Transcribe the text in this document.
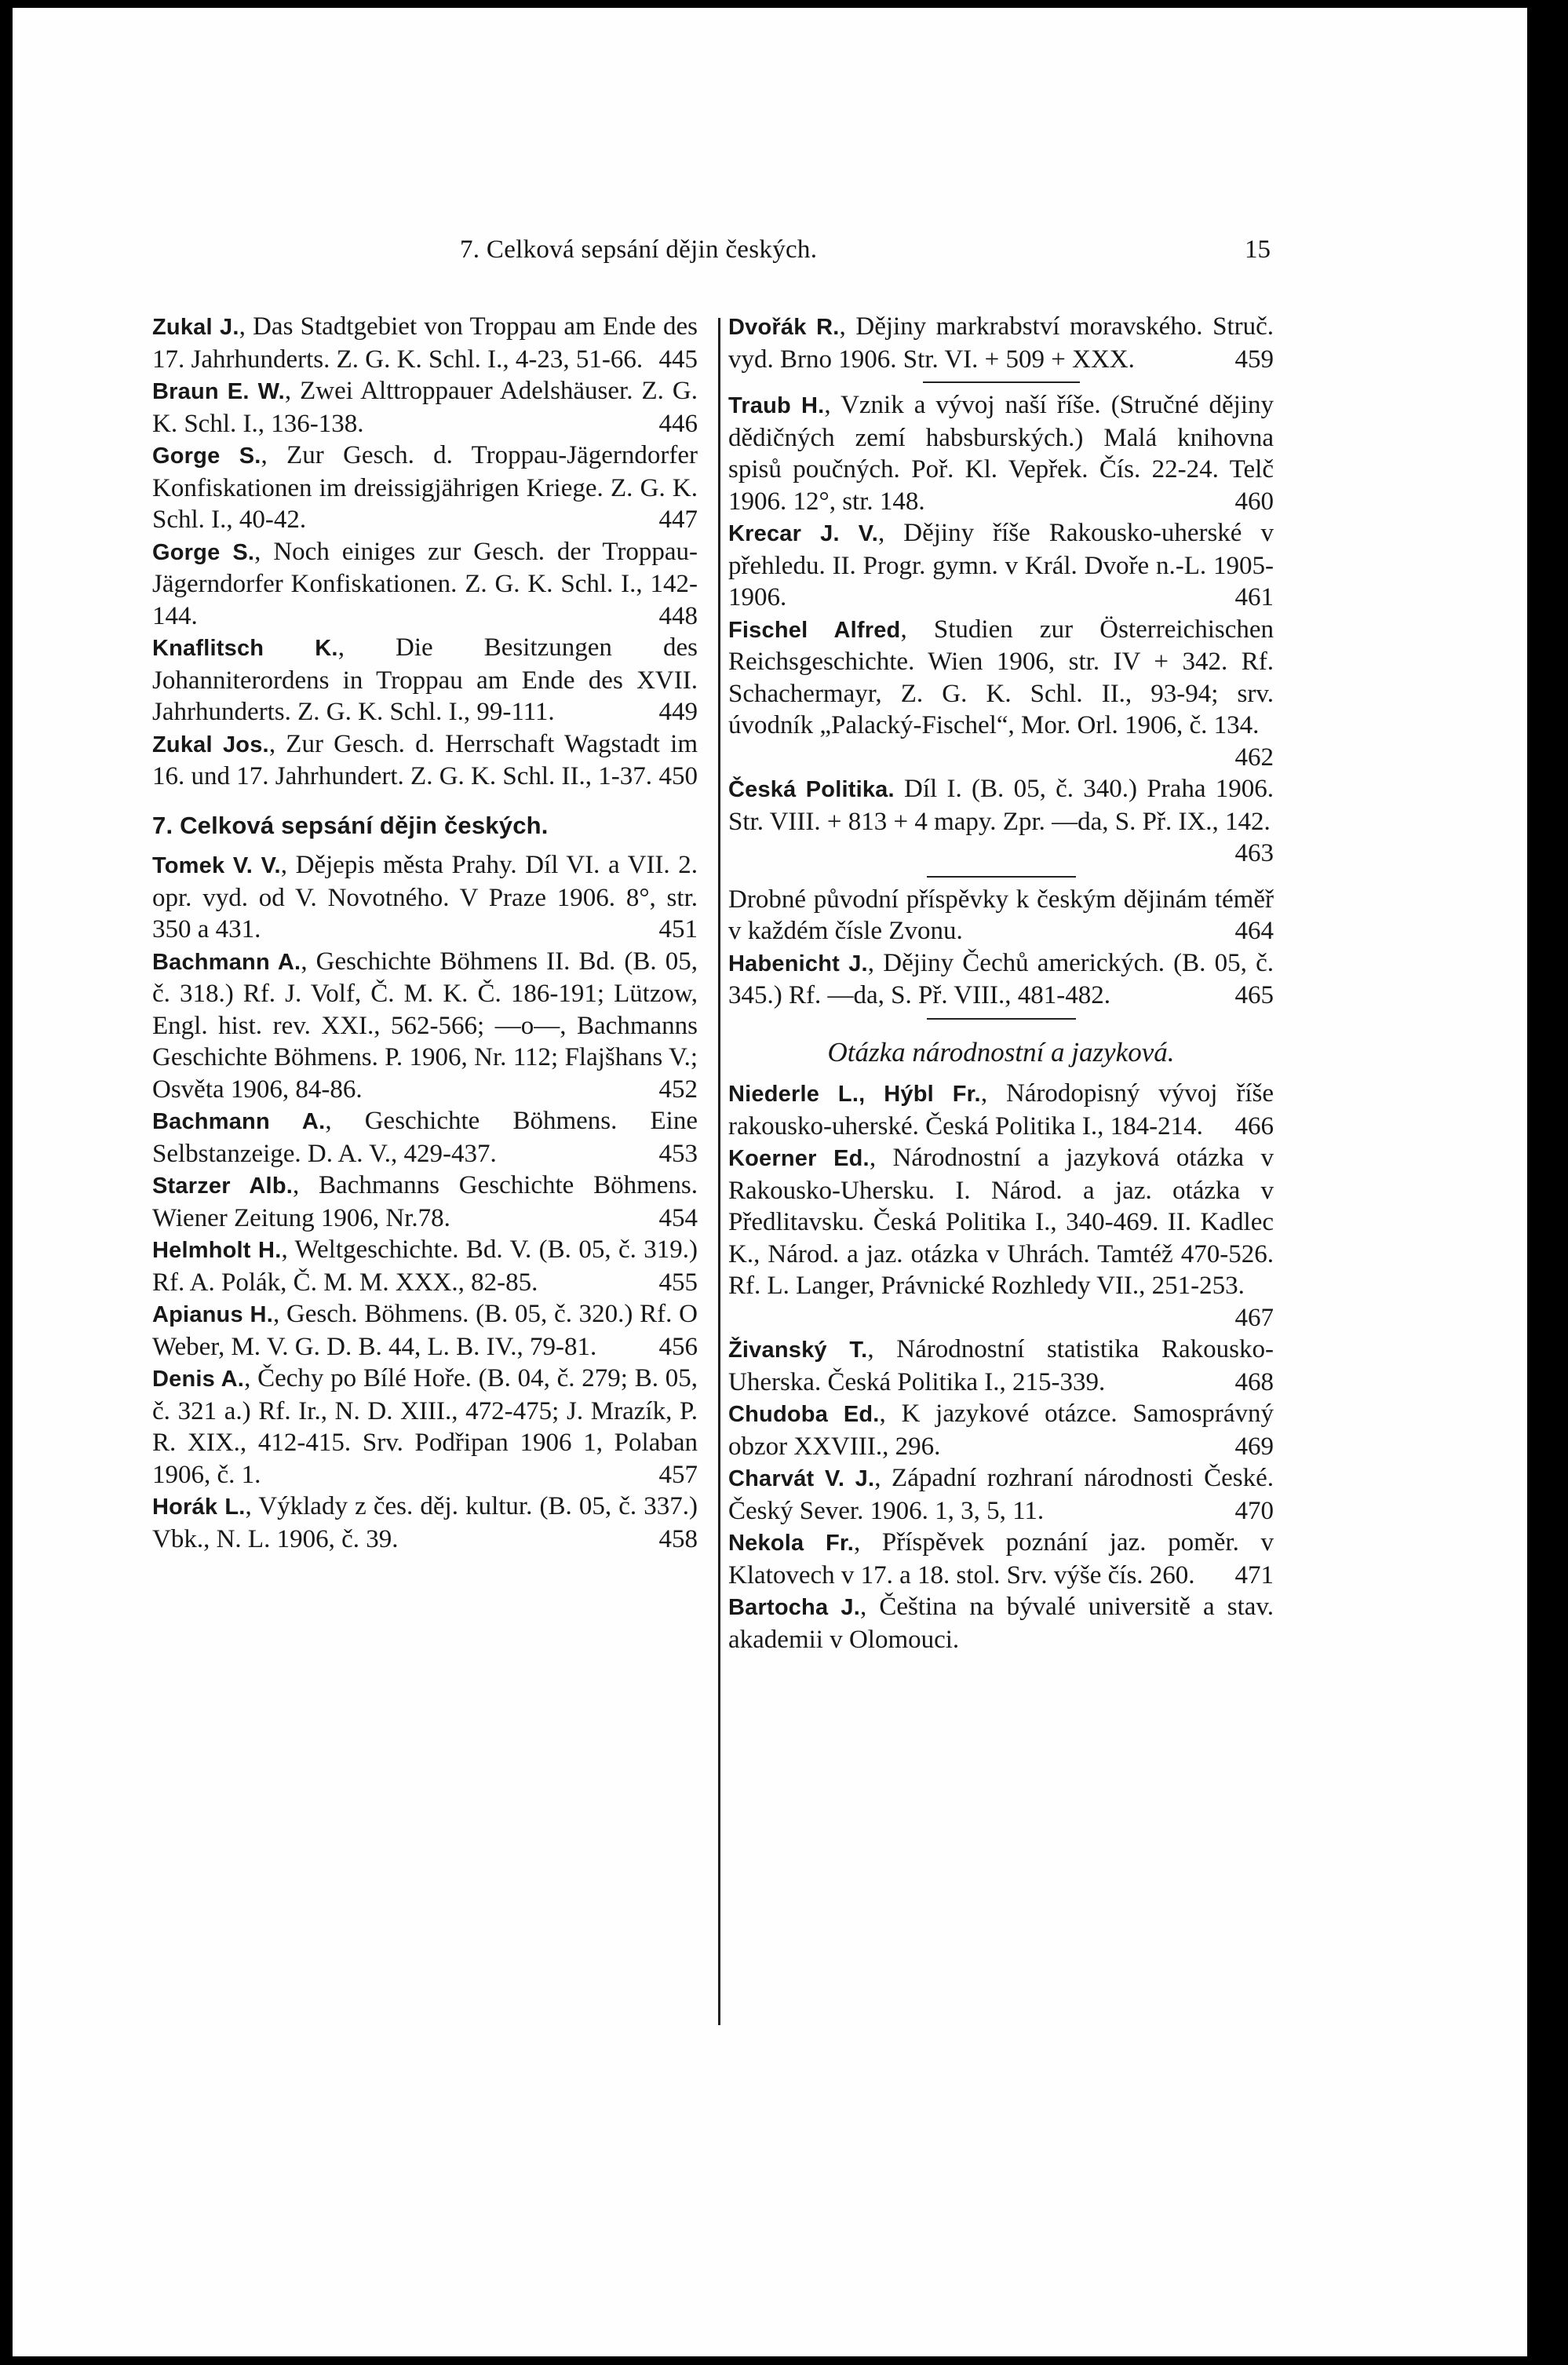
7. Celková sepsání dějin českých.	15
Zukal J., Das Stadtgebiet von Troppau am Ende des 17. Jahrhunderts. Z. G. K. Schl. I., 4-23, 51-66. 445
Braun E. W., Zwei Alttroppauer Adelshäuser. Z. G. K. Schl. I., 136-138.	446
Gorge S., Zur Gesch. d. Troppau-Jägerndorfer Konfiskationen im dreissigjährigen Kriege. Z. G. K. Schl. I., 40-42.	447
Gorge S., Noch einiges zur Gesch. der Troppau-Jägerndorfer Konfiskationen. Z. G. K. Schl. I., 142-144.	448
Knaflitsch K., Die Besitzungen des Johanniterordens in Troppau am Ende des XVII. Jahrhunderts. Z. G. K. Schl. I., 99-111.	449
Zukal Jos., Zur Gesch. d. Herrschaft Wagstadt im 16. und 17. Jahrhundert. Z. G. K. Schl. II., 1-37. 450
7. Celková sepsání dějin českých.
Tomek V. V., Dějepis města Prahy. Díl VI. a VII. 2. opr. vyd. od V. Novotného. V Praze 1906. 8°, str. 350 a 431.	451
Bachmann A., Geschichte Böhmens II. Bd. (B. 05, č. 318.) Rf. J. Volf, Č. M. K. Č. 186-191; Lützow, Engl. hist. rev. XXI., 562-566; —o—, Bachmanns Geschichte Böhmens. P. 1906, Nr. 112; Flajšhans V.; Osvěta 1906, 84-86.	452
Bachmann A., Geschichte Böhmens. Eine Selbstanzeige. D. A. V., 429-437.	453
Starzer Alb., Bachmanns Geschichte Böhmens. Wiener Zeitung 1906, Nr.78.	454
Helmholt H., Weltgeschichte. Bd. V. (B. 05, č. 319.) Rf. A. Polák, Č. M. M. XXX., 82-85.	455
Apianus H., Gesch. Böhmens. (B. 05, č. 320.) Rf. O Weber, M. V. G. D. B. 44, L. B. IV., 79-81. 456
Denis A., Čechy po Bílé Hoře. (B. 04, č. 279; B. 05, č. 321 a.) Rf. Ir., N. D. XIII., 472-475; J. Mrazík, P. R. XIX., 412-415. Srv. Podřipan 1906 1, Polaban 1906, č. 1.	457
Horák L., Výklady z čes. děj. kultur. (B. 05, č. 337.) Vbk., N. L. 1906, č. 39.	458
Dvořák R., Dějiny markrabství moravského. Struč. vyd. Brno 1906. Str. VI. + 509 + XXX.	459
Traub H., Vznik a vývoj naší říše. (Stručné dějiny dědičných zemí habsburských.) Malá knihovna spisů poučných. Poř. Kl. Vepřek. Čís. 22-24. Telč 1906. 12°, str. 148.	460
Krecar J. V., Dějiny říše Rakousko-uherské v přehledu. II. Progr. gymn. v Král. Dvoře n.-L. 1905-1906.	461
Fischel Alfred, Studien zur Österreichischen Reichsgeschichte. Wien 1906, str. IV + 342. Rf. Schachermayr, Z. G. K. Schl. II., 93-94; srv. úvodník „Palacký-Fischel“, Mor. Orl. 1906, č. 134.
462
Česká Politika. Díl I. (B. 05, č. 340.) Praha 1906. Str. VIII. + 813 + 4 mapy. Zpr. —da, S. Př. IX., 142.
463
Drobné původní příspěvky k českým dějinám téměř v každém čísle Zvonu.	464
Habenicht J., Dějiny Čechů amerických. (B. 05, č. 345.) Rf. —da, S. Př. VIII., 481-482.	465
Otázka národnostní a jazyková.
Niederle L., Hýbl Fr., Národopisný vývoj říše rakousko-uherské. Česká Politika I., 184-214. 466
Koerner Ed., Národnostní a jazyková otázka v Rakousko-Uhersku. I. Národ. a jaz. otázka v Předlitavsku. Česká Politika I., 340-469. II. Kadlec K., Národ. a jaz. otázka v Uhrách. Tamtéž 470-526. Rf. L. Langer, Právnické Rozhledy VII., 251-253.
467
Živanský T., Národnostní statistika Rakousko-Uherska. Česká Politika I., 215-339.	468
Chudoba Ed., K jazykové otázce. Samosprávný obzor XXVIII., 296.	469
Charvát V. J., Západní rozhraní národnosti České. Český Sever. 1906. 1, 3, 5, 11.	470
Nekola Fr., Příspěvek poznání jaz. poměr. v Klatovech v 17. a 18. stol. Srv. výše čís. 260. 471
Bartocha J., Čeština na bývalé universitě a stav. akademii v Olomouci.
